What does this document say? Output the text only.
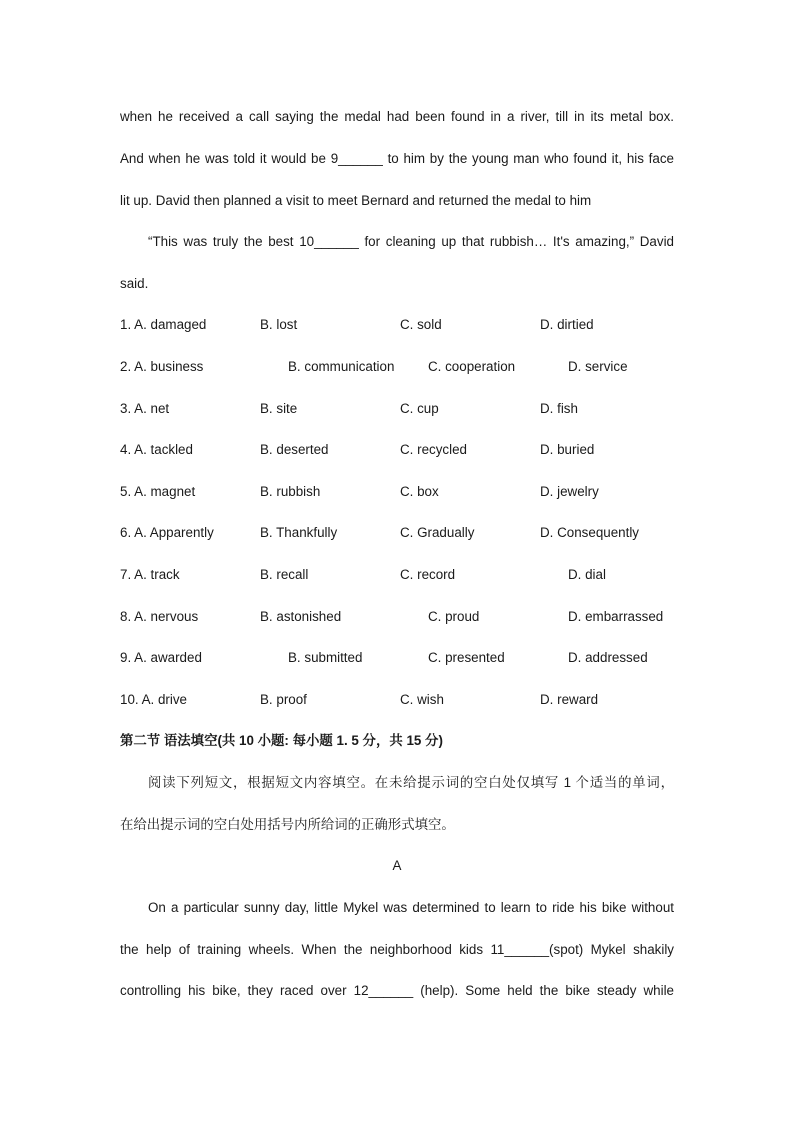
when he received a call saying the medal had been found in a river, till in its metal box.
And when he was told it would be 9______ to him by the young man who found it, his face
lit up. David then planned a visit to meet Bernard and returned the medal to him
“This was truly the best 10______ for cleaning up that rubbish… It's amazing,” David
said.
1. A. damaged	B. lost	C. sold	D. dirtied
2. A. business	B. communication	C. cooperation	D. service
3. A. net	B. site	C. cup	D. fish
4. A. tackled	B. deserted	C. recycled	D. buried
5. A. magnet	B. rubbish	C. box	D. jewelry
6. A. Apparently	B. Thankfully	C. Gradually	D. Consequently
7. A. track	B. recall	C. record	D. dial
8. A. nervous	B. astonished	C. proud	D. embarrassed
9. A. awarded	B. submitted	C. presented	D. addressed
10. A. drive	B. proof	C. wish	D. reward
第二节 语法填空(共 10 小题: 每小题 1. 5 分，共 15 分)
阅读下列短文，根据短文内容填空。在未给提示词的空白处仅填写 1 个适当的单词，
在给出提示词的空白处用括号内所给词的正确形式填空。
A
On a particular sunny day, little Mykel was determined to learn to ride his bike without
the help of training wheels. When the neighborhood kids 11______(spot) Mykel shakily
controlling his bike, they raced over 12______ (help). Some held the bike steady while
